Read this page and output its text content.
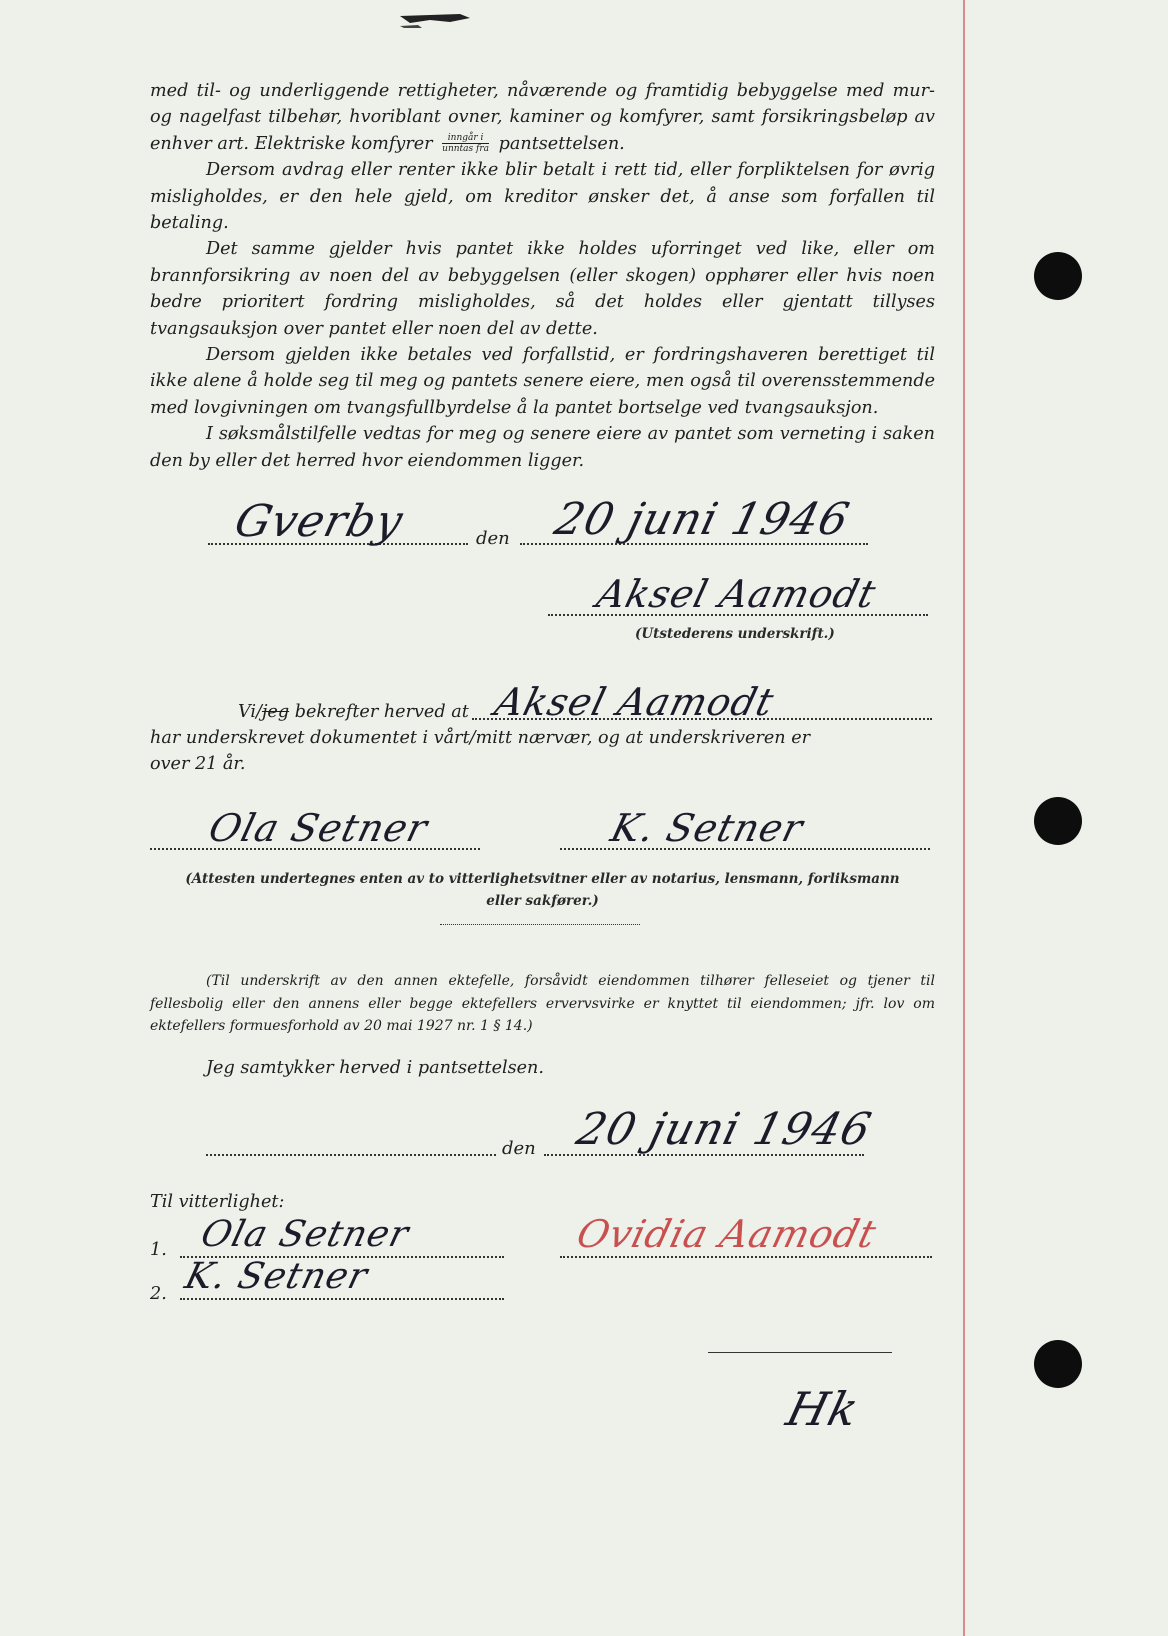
med til- og underliggende rettigheter, nåværende og framtidig bebyggelse med mur- og nagelfast tilbehør, hvoriblant ovner, kaminer og komfyrer, samt forsikringsbeløp av enhver art. Elektriske komfyrer $\frac{\text{inngår i}}{\text{unntas fra}}$ pantsettelsen.

Dersom avdrag eller renter ikke blir betalt i rett tid, eller forpliktelsen for øvrig misligholdes, er den hele gjeld, om kreditor ønsker det, å anse som forfallen til betaling.

Det samme gjelder hvis pantet ikke holdes uforringet ved like, eller om brannforsikring av noen del av bebyggelsen (eller skogen) opphører eller hvis noen bedre prioritert fordring misligholdes, så det holdes eller gjentatt tillyses tvangsauksjon over pantet eller noen del av dette.

Dersom gjelden ikke betales ved forfallstid, er fordringshaveren berettiget til ikke alene å holde seg til meg og pantets senere eiere, men også til overensstemmende med lovgivningen om tvangsfullbyrdelse å la pantet bortselge ved tvangsauksjon.

I søksmålstilfelle vedtas for meg og senere eiere av pantet som verneting i saken den by eller det herred hvor eiendommen ligger.

Gverby	den 20 juni 1946
Aksel Aamodt
(Utstederens underskrift.)
Vi/jeg bekrefter herved at Aksel Aamodt
har underskrevet dokumentet i vårt/mitt nærvær, og at underskriveren er
over 21 år.
Ola Setner	K. Setner
(Attesten undertegnes enten av to vitterlighetsvitner eller av notarius, lensmann, forliksmann
eller sakfører.)

(Til underskrift av den annen ektefelle, forsåvidt eiendommen tilhører felleseiet og tjener til fellesbolig eller den annens eller begge ektefellers ervervsvirke er knyttet til eiendommen; jfr. lov om ektefellers formuesforhold av 20 mai 1927 nr. 1 § 14.)

Jeg samtykker herved i pantsettelsen.
den 20 juni 1946
Til vitterlighet:
1. Ola Setner	Ovidia Aamodt
2. K. Setner
Hk
